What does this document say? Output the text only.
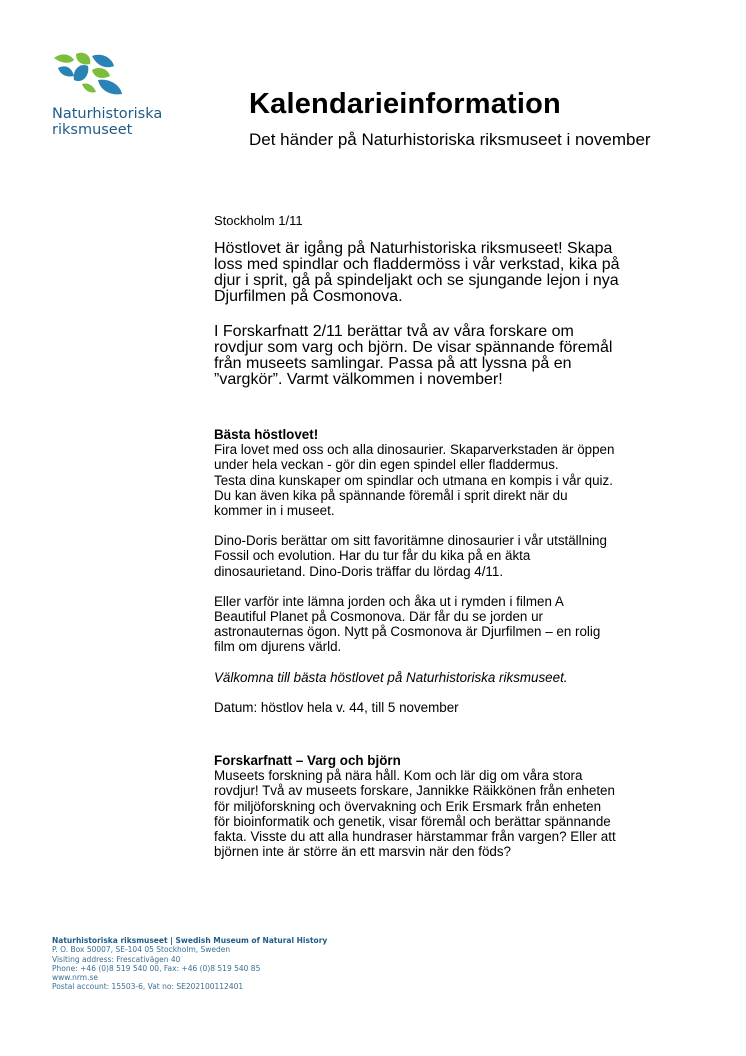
Naturhistoriska
riksmuseet
Kalendarieinformation
Det händer på Naturhistoriska riksmuseet i november
Stockholm 1/11
Höstlovet är igång på Naturhistoriska riksmuseet! Skapa
loss med spindlar och fladdermöss i vår verkstad, kika på
djur i sprit, gå på spindeljakt och se sjungande lejon i nya
Djurfilmen på Cosmonova.
I Forskarfnatt 2/11 berättar två av våra forskare om
rovdjur som varg och björn. De visar spännande föremål
från museets samlingar. Passa på att lyssna på en
”vargkör”. Varmt välkommen i november!

Bästa höstlovet!

Fira lovet med oss och alla dinosaurier. Skaparverkstaden är öppen
under hela veckan - gör din egen spindel eller fladdermus.
Testa dina kunskaper om spindlar och utmana en kompis i vår quiz.
Du kan även kika på spännande föremål i sprit direkt när du
kommer in i museet.

Dino-Doris berättar om sitt favoritämne dinosaurier i vår utställning
Fossil och evolution. Har du tur får du kika på en äkta
dinosaurietand. Dino-Doris träffar du lördag 4/11.

Eller varför inte lämna jorden och åka ut i rymden i filmen A
Beautiful Planet på Cosmonova. Där får du se jorden ur
astronauternas ögon. Nytt på Cosmonova är Djurfilmen – en rolig
film om djurens värld.

Välkomna till bästa höstlovet på Naturhistoriska riksmuseet.

Datum: höstlov hela v. 44, till 5 november

Forskarfnatt – Varg och björn

Museets forskning på nära håll. Kom och lär dig om våra stora
rovdjur! Två av museets forskare, Jannikke Räikkönen från enheten
för miljöforskning och övervakning och Erik Ersmark från enheten
för bioinformatik och genetik, visar föremål och berättar spännande
fakta. Visste du att alla hundraser härstammar från vargen? Eller att
björnen inte är större än ett marsvin när den föds?

Naturhistoriska riksmuseet | Swedish Museum of Natural History
P. O. Box 50007, SE-104 05 Stockholm, Sweden
Visiting address: Frescativägen 40
Phone: +46 (0)8 519 540 00, Fax: +46 (0)8 519 540 85
www.nrm.se
Postal account: 15503-6, Vat no: SE202100112401
